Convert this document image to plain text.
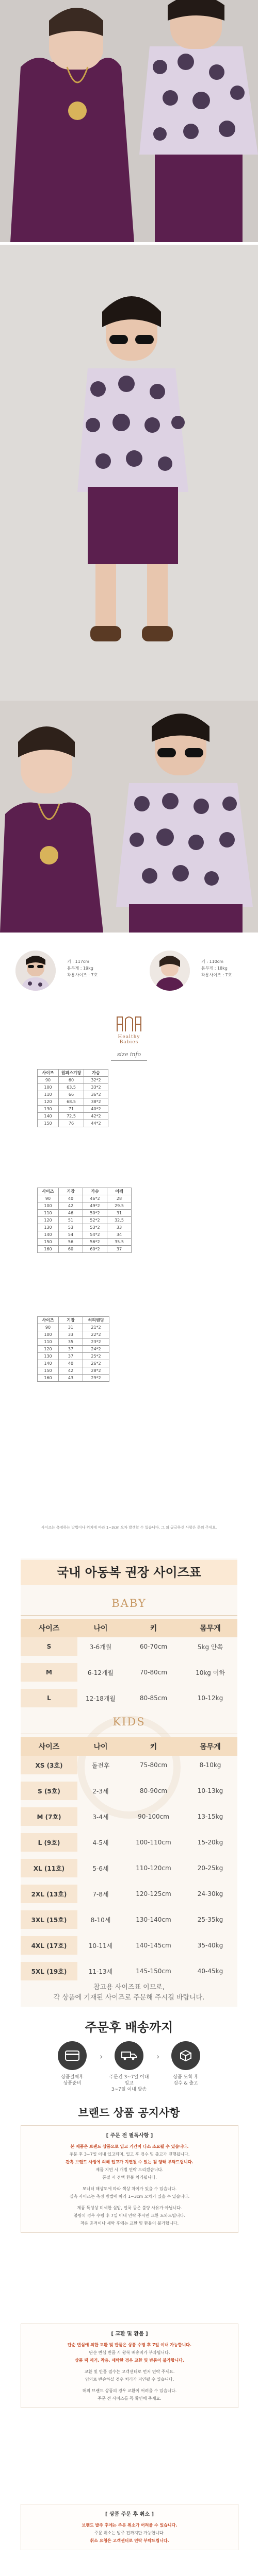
키 : 117cm
몸무게 : 19kg
착용사이즈 : 7호
키 : 110cm
몸무게 : 18kg
착용사이즈 : 7호
Healthy Babies
size info
사이즈	원피스기장	가슴
90	60	32*2
100	63.5	33*2
110	66	36*2
120	68.5	38*2
130	71	40*2
140	72.5	42*2
150	76	44*2
사이즈	기장	가슴	어깨
90	40	46*2	28
100	42	49*2	29.5
110	46	50*2	31
120	51	52*2	32.5
130	53	53*2	33
140	54	54*2	34
150	56	56*2	35.5
160	60	60*2	37
사이즈	기장	허리밴딩
90	31	21*2
100	33	22*2
110	35	23*2
120	37	24*2
130	37	25*2
140	40	26*2
150	42	28*2
160	43	29*2
사이즈는 측정하는 방법이나 위치에 따라 1~3cm 오차 발생할 수 있습니다. 그 외 궁금하신 사항은 문의 주세요.
국내 아동복 권장 사이즈표
BABY
사이즈	나이	키	몸무게
S	3-6개월	60-70cm	5kg 안쪽
M	6-12개월	70-80cm	10kg 이하
L	12-18개월	80-85cm	10-12kg
KIDS
사이즈	나이	키	몸무게
XS (3호)	돌전후	75-80cm	8-10kg
S (5호)	2-3세	80-90cm	10-13kg
M (7호)	3-4세	90-100cm	13-15kg
L (9호)	4-5세	100-110cm	15-20kg
XL (11호)	5-6세	110-120cm	20-25kg
2XL (13호)	7-8세	120-125cm	24-30kg
3XL (15호)	8-10세	130-140cm	25-35kg
4XL (17호)	10-11세	140-145cm	35-40kg
5XL (19호)	11-13세	145-150cm	40-45kg
참고용 사이즈표 이므로,
각 상품에 기재된 사이즈로 주문해 주시길 바랍니다.
주문후 배송까지
상품결제후
상품준비
›
주문건 3~7일 이내 입고
3~7일 이내 발송
›
상품 도착 후
검수 & 출고
브랜드 상품 공지사항
[ 주문 전 필독사항 ]
본 제품은 브랜드 상품으로 입고 기간이 다소 소요될 수 있습니다.
주문 후 3~7일 이내 입고되며, 입고 후 검수 및 출고가 진행됩니다.
간혹 브랜드 사정에 의해 입고가 지연될 수 있는 점 양해 부탁드립니다.
제품 지연 시 개별 연락 드리겠습니다.
품절 시 전액 환불 처리됩니다.
모니터 해상도에 따라 색상 차이가 있을 수 있습니다.
실측 사이즈는 측정 방법에 따라 1~3cm 오차가 있을 수 있습니다.
제품 특성상 미세한 실밥, 얼룩 등은 불량 사유가 아닙니다.
불량의 경우 수령 후 7일 이내 연락 주시면 교환 도와드립니다.
착용 흔적이나 세탁 후에는 교환 및 환불이 불가합니다.
[ 교환 및 환불 ]
단순 변심에 의한 교환 및 반품은 상품 수령 후 7일 이내 가능합니다.
단순 변심 반품 시 왕복 배송비가 부과됩니다.
상품 택 제거, 착용, 세탁한 경우 교환 및 반품이 불가합니다.
교환 및 반품 접수는 고객센터로 먼저 연락 주세요.
임의로 반송하실 경우 처리가 지연될 수 있습니다.
해외 브랜드 상품의 경우 교환이 어려울 수 있습니다.
주문 전 사이즈를 꼭 확인해 주세요.
[ 상품 주문 후 취소 ]
브랜드 발주 후에는 주문 취소가 어려울 수 있습니다.
주문 취소는 발주 전까지만 가능합니다.
취소 요청은 고객센터로 연락 부탁드립니다.
